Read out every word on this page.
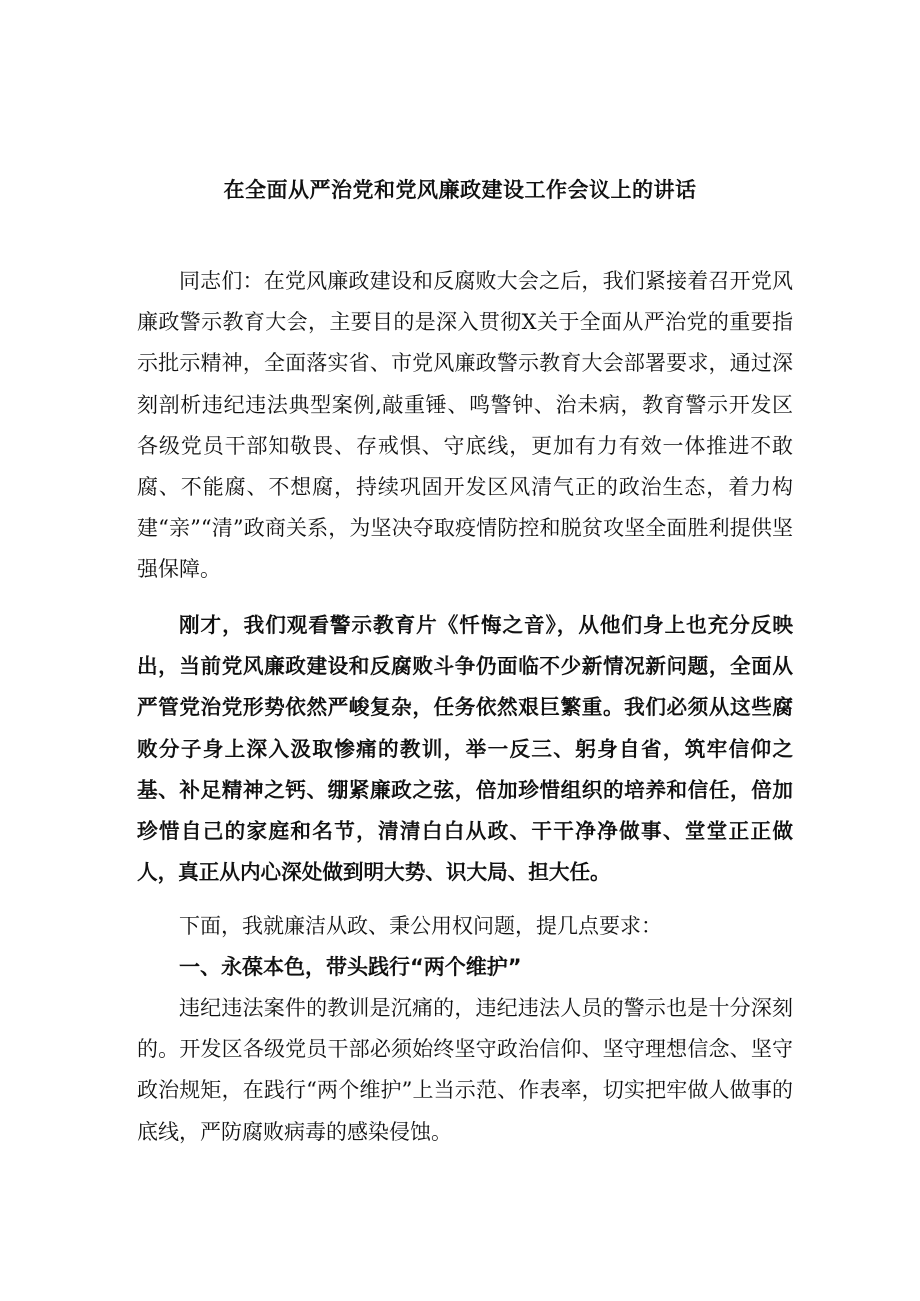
在全面从严治党和党风廉政建设工作会议上的讲话

同志们：在党风廉政建设和反腐败大会之后，我们紧接着召开党风廉政警示教育大会，主要目的是深入贯彻X关于全面从严治党的重要指示批示精神，全面落实省、市党风廉政警示教育大会部署要求，通过深刻剖析违纪违法典型案例,敲重锤、鸣警钟、治未病，教育警示开发区各级党员干部知敬畏、存戒惧、守底线，更加有力有效一体推进不敢腐、不能腐、不想腐，持续巩固开发区风清气正的政治生态，着力构建“亲”“清”政商关系，为坚决夺取疫情防控和脱贫攻坚全面胜利提供坚强保障。

刚才，我们观看警示教育片《忏悔之音》，从他们身上也充分反映出，当前党风廉政建设和反腐败斗争仍面临不少新情况新问题，全面从严管党治党形势依然严峻复杂，任务依然艰巨繁重。我们必须从这些腐败分子身上深入汲取惨痛的教训，举一反三、躬身自省，筑牢信仰之基、补足精神之钙、绷紧廉政之弦，倍加珍惜组织的培养和信任，倍加珍惜自己的家庭和名节，清清白白从政、干干净净做事、堂堂正正做人，真正从内心深处做到明大势、识大局、担大任。

下面，我就廉洁从政、秉公用权问题，提几点要求：

一、永葆本色，带头践行“两个维护”

违纪违法案件的教训是沉痛的，违纪违法人员的警示也是十分深刻的。开发区各级党员干部必须始终坚守政治信仰、坚守理想信念、坚守政治规矩，在践行“两个维护”上当示范、作表率，切实把牢做人做事的底线，严防腐败病毒的感染侵蚀。
